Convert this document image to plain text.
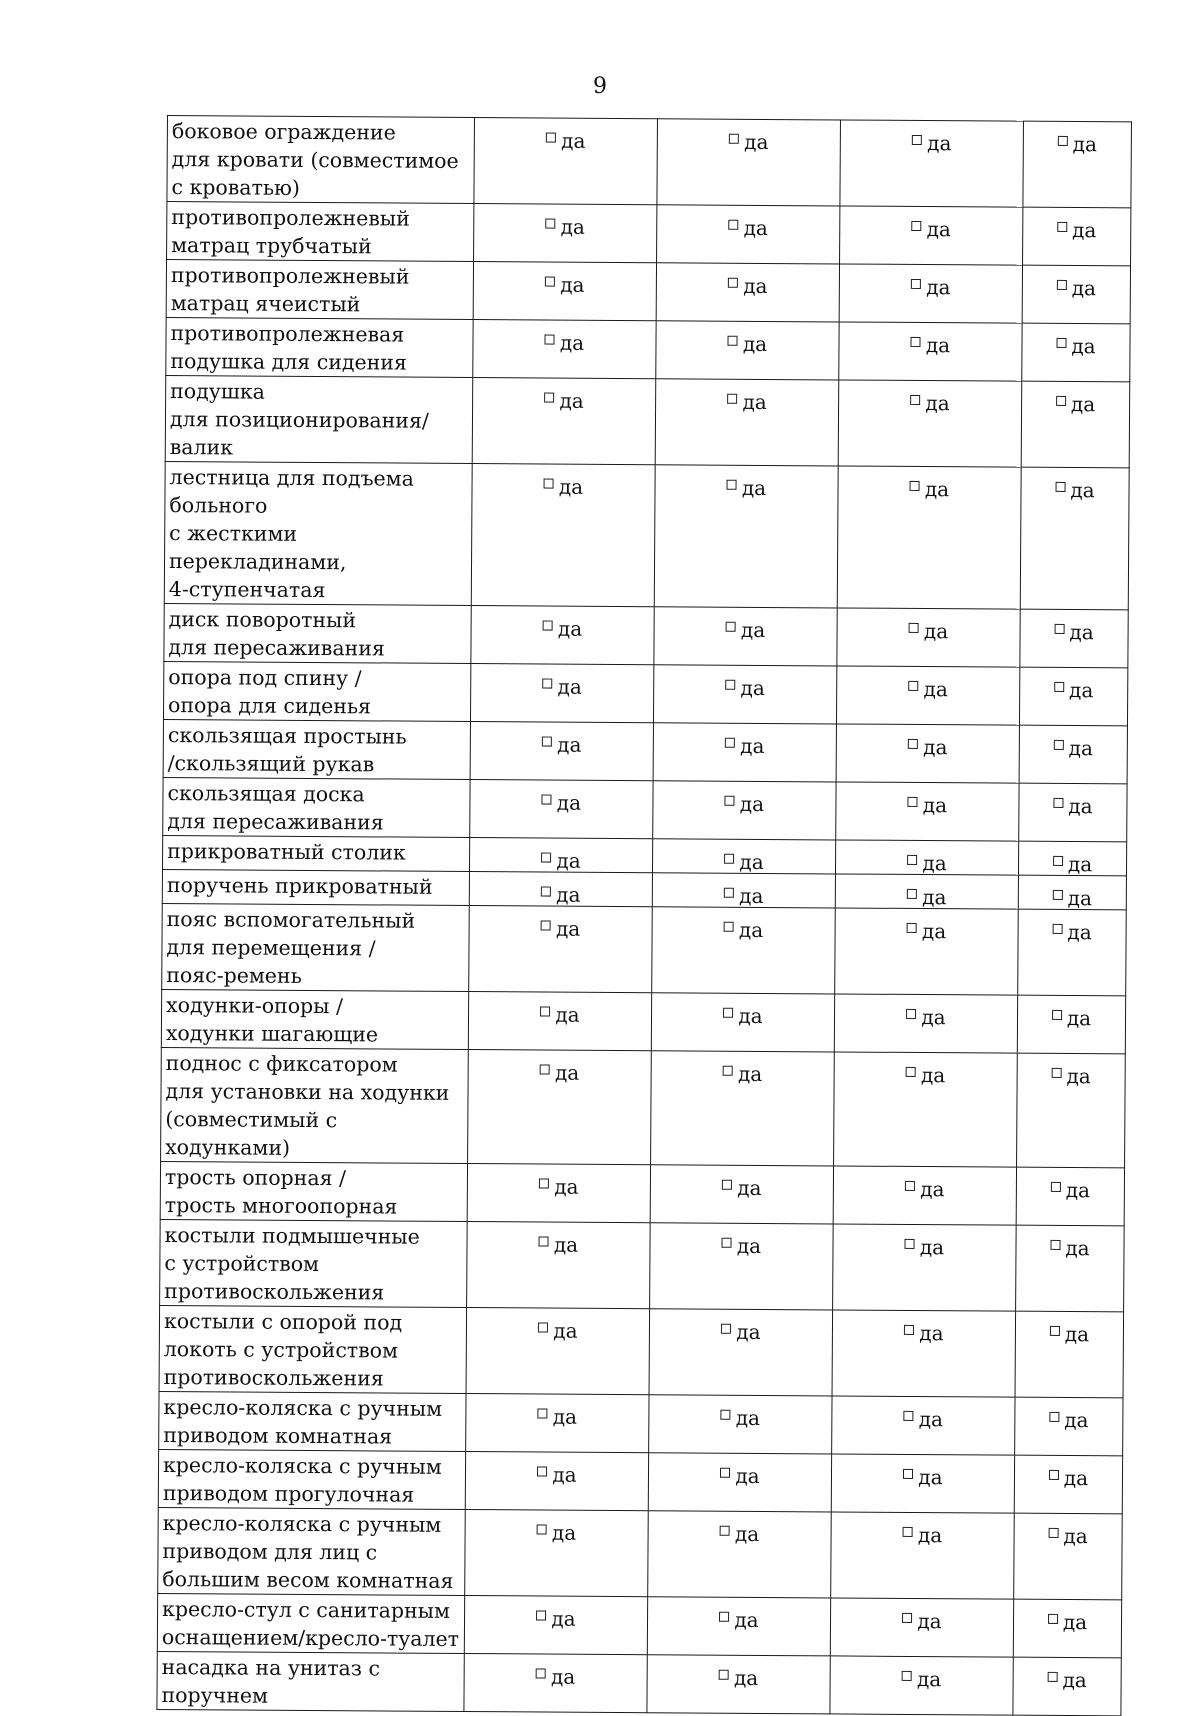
9
боковое ограждение
для кровати (совместимое
с кроватью)	да	да	да	да

противопролежневый
матрац трубчатый	да	да	да	да

противопролежневый
матрац ячеистый	да	да	да	да

противопролежневая
подушка для сидения	да	да	да	да

подушка
для позиционирования/
валик	да	да	да	да

лестница для подъема больного
с жесткими перекладинами,
4-ступенчатая	да	да	да	да

диск поворотный
для пересаживания	да	да	да	да

опора под спину /
опора для сиденья	да	да	да	да

скользящая простынь
/скользящий рукав	да	да	да	да

скользящая доска
для пересаживания	да	да	да	да

прикроватный столик	да	да	да	да

поручень прикроватный	да	да	да	да

пояс вспомогательный
для перемещения /
пояс-ремень	да	да	да	да

ходунки-опоры /
ходунки шагающие	да	да	да	да

поднос с фиксатором
для установки на ходунки
(совместимый с ходунками)	да	да	да	да

трость опорная /
трость многоопорная	да	да	да	да

костыли подмышечные
с устройством
противоскольжения	да	да	да	да

костыли с опорой под
локоть с устройством
противоскольжения	да	да	да	да

кресло-коляска с ручным
приводом комнатная	да	да	да	да

кресло-коляска с ручным
приводом прогулочная	да	да	да	да

кресло-коляска с ручным
приводом для лиц с
большим весом комнатная	да	да	да	да

кресло-стул с санитарным
оснащением/кресло-туалет	да	да	да	да

насадка на унитаз с поручнем	да	да	да	да
